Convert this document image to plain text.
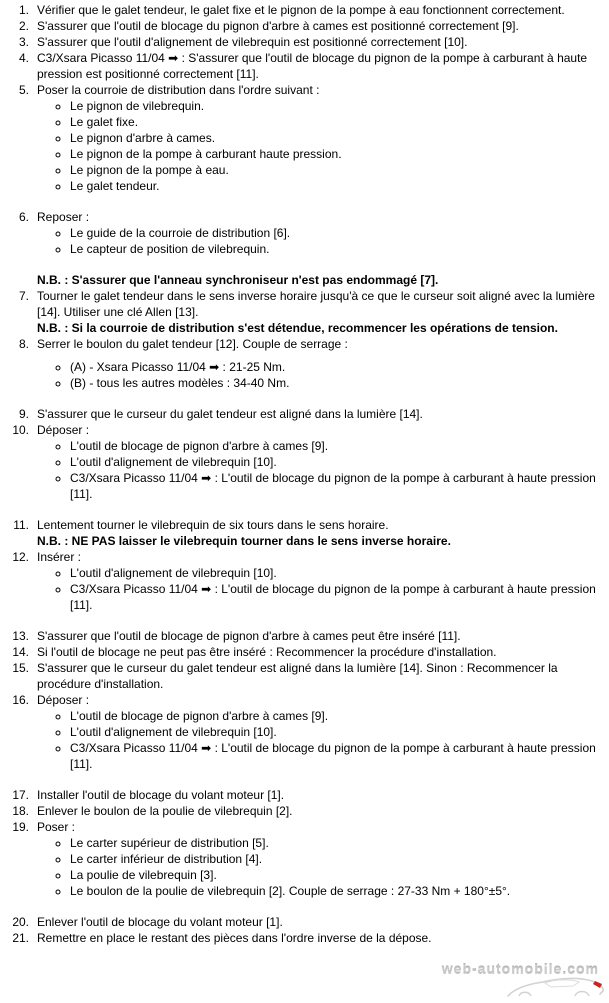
1. Vérifier que le galet tendeur, le galet fixe et le pignon de la pompe à eau fonctionnent correctement.
2. S'assurer que l'outil de blocage du pignon d'arbre à cames est positionné correctement [9].
3. S'assurer que l'outil d'alignement de vilebrequin est positionné correctement [10].
4. C3/Xsara Picasso 11/04 ➡ : S'assurer que l'outil de blocage du pignon de la pompe à carburant à haute pression est positionné correctement [11].
5. Poser la courroie de distribution dans l'ordre suivant :
◦ Le pignon de vilebrequin.
◦ Le galet fixe.
◦ Le pignon d'arbre à cames.
◦ Le pignon de la pompe à carburant haute pression.
◦ Le pignon de la pompe à eau.
◦ Le galet tendeur.
6. Reposer :
◦ Le guide de la courroie de distribution [6].
◦ Le capteur de position de vilebrequin.
N.B. : S'assurer que l'anneau synchroniseur n'est pas endommagé [7].
7. Tourner le galet tendeur dans le sens inverse horaire jusqu'à ce que le curseur soit aligné avec la lumière [14]. Utiliser une clé Allen [13].
N.B. : Si la courroie de distribution s'est détendue, recommencer les opérations de tension.
8. Serrer le boulon du galet tendeur [12]. Couple de serrage :
◦ (A) - Xsara Picasso 11/04 ➡ : 21-25 Nm.
◦ (B) - tous les autres modèles : 34-40 Nm.
9. S'assurer que le curseur du galet tendeur est aligné dans la lumière [14].
10. Déposer :
◦ L'outil de blocage de pignon d'arbre à cames [9].
◦ L'outil d'alignement de vilebrequin [10].
◦ C3/Xsara Picasso 11/04 ➡ : L'outil de blocage du pignon de la pompe à carburant à haute pression [11].
11. Lentement tourner le vilebrequin de six tours dans le sens horaire.
N.B. : NE PAS laisser le vilebrequin tourner dans le sens inverse horaire.
12. Insérer :
◦ L'outil d'alignement de vilebrequin [10].
◦ C3/Xsara Picasso 11/04 ➡ : L'outil de blocage du pignon de la pompe à carburant à haute pression [11].
13. S'assurer que l'outil de blocage de pignon d'arbre à cames peut être inséré [11].
14. Si l'outil de blocage ne peut pas être inséré : Recommencer la procédure d'installation.
15. S'assurer que le curseur du galet tendeur est aligné dans la lumière [14]. Sinon : Recommencer la procédure d'installation.
16. Déposer :
◦ L'outil de blocage de pignon d'arbre à cames [9].
◦ L'outil d'alignement de vilebrequin [10].
◦ C3/Xsara Picasso 11/04 ➡ : L'outil de blocage du pignon de la pompe à carburant à haute pression [11].
17. Installer l'outil de blocage du volant moteur [1].
18. Enlever le boulon de la poulie de vilebrequin [2].
19. Poser :
◦ Le carter supérieur de distribution [5].
◦ Le carter inférieur de distribution [4].
◦ La poulie de vilebrequin [3].
◦ Le boulon de la poulie de vilebrequin [2]. Couple de serrage : 27-33 Nm + 180°±5°.
20. Enlever l'outil de blocage du volant moteur [1].
21. Remettre en place le restant des pièces dans l'ordre inverse de la dépose.
web-automobile.com
